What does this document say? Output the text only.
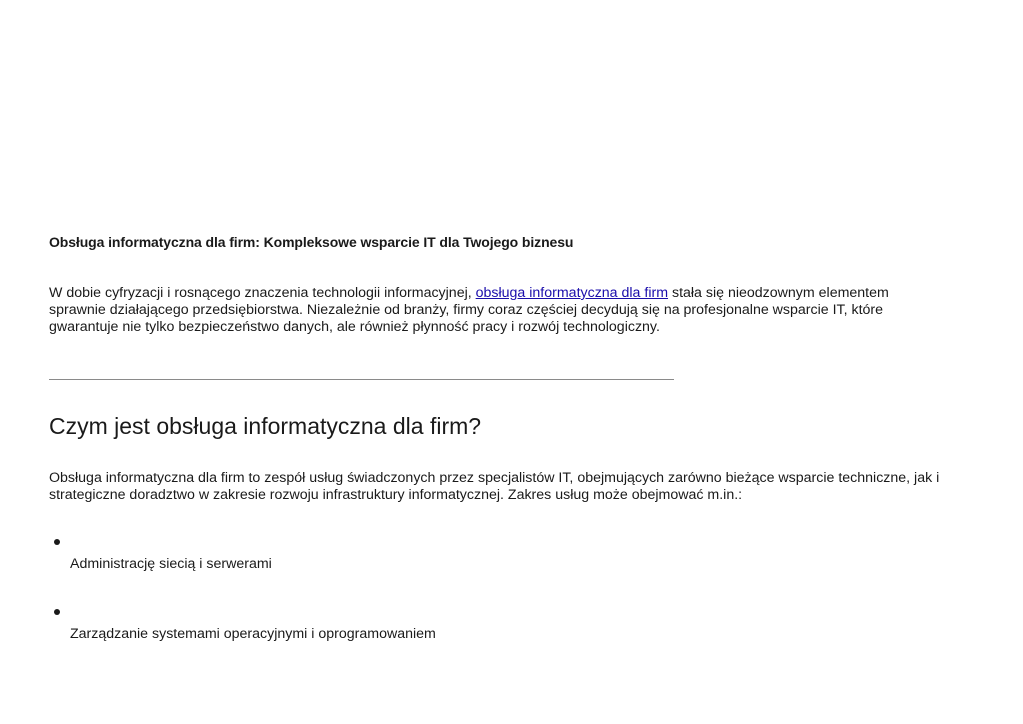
Obsługa informatyczna dla firm: Kompleksowe wsparcie IT dla Twojego biznesu

W dobie cyfryzacji i rosnącego znaczenia technologii informacyjnej, obsługa informatyczna dla firm stała się nieodzownym elementem sprawnie działającego przedsiębiorstwa. Niezależnie od branży, firmy coraz częściej decydują się na profesjonalne wsparcie IT, które gwarantuje nie tylko bezpieczeństwo danych, ale również płynność pracy i rozwój technologiczny.

Czym jest obsługa informatyczna dla firm?

Obsługa informatyczna dla firm to zespół usług świadczonych przez specjalistów IT, obejmujących zarówno bieżące wsparcie techniczne, jak i strategiczne doradztwo w zakresie rozwoju infrastruktury informatycznej. Zakres usług może obejmować m.in.:

Administrację siecią i serwerami
Zarządzanie systemami operacyjnymi i oprogramowaniem
